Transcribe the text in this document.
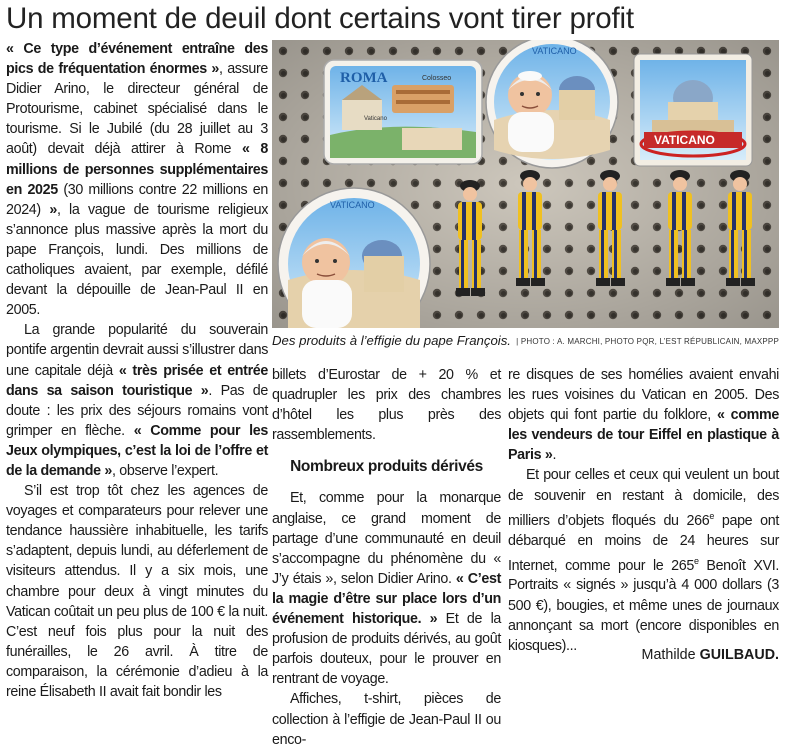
Un moment de deuil dont certains vont tirer profit
ROMA	Colosseo
Vaticano
VATICANO
VATICANO
VATICANO
Des produits à l’effigie du pape François. | PHOTO : A. MARCHI, PHOTO PQR, L’EST RÉPUBLICAIN, MAXPPP

« Ce type d’événement entraîne des pics de fréquentation énormes », assure Didier Arino, le directeur général de Protourisme, cabinet spécialisé dans le tourisme. Si le Jubilé (du 28 juillet au 3 août) devait déjà attirer à Rome « 8 millions de personnes supplémentaires en 2025 (30 millions contre 22 millions en 2024) », la vague de tourisme religieux s’annonce plus massive après la mort du pape François, lundi. Des millions de catholiques avaient, par exemple, défilé devant la dépouille de Jean-Paul II en 2005.

La grande popularité du souverain pontife argentin devrait aussi s’illustrer dans une capitale déjà « très prisée et entrée dans sa saison touristique ». Pas de doute : les prix des séjours romains vont grimper en flèche. « Comme pour les Jeux olympiques, c’est la loi de l’offre et de la demande », observe l’expert.

S’il est trop tôt chez les agences de voyages et comparateurs pour relever une tendance haussière inhabituelle, les tarifs s’adaptent, depuis lundi, au déferlement de visiteurs attendus. Il y a six mois, une chambre pour deux à vingt minutes du Vatican coûtait un peu plus de 100 € la nuit. C’est neuf fois plus pour la nuit des funérailles, le 26 avril. À titre de comparaison, la cérémonie d’adieu à la reine Élisabeth II avait fait bondir les

billets d’Eurostar de + 20 % et quadrupler les prix des chambres d’hôtel les plus près des rassemblements.

Nombreux produits dérivés

Et, comme pour la monarque anglaise, ce grand moment de partage d’une communauté en deuil s’accompagne du phénomène du « J’y étais », selon Didier Arino. « C’est la magie d’être sur place lors d’un événement historique. » Et de la profusion de produits dérivés, au goût parfois douteux, pour le prouver en rentrant de voyage.

Affiches, t-shirt, pièces de collection à l’effigie de Jean-Paul II ou enco-

re disques de ses homélies avaient envahi les rues voisines du Vatican en 2005. Des objets qui font partie du folklore, « comme les vendeurs de tour Eiffel en plastique à Paris ».

Et pour celles et ceux qui veulent un bout de souvenir en restant à domicile, des milliers d’objets floqués du 266e pape ont débarqué en moins de 24 heures sur Internet, comme pour le 265e Benoît XVI. Portraits « signés » jusqu’à 4 000 dollars (3 500 €), bougies, et même unes de journaux annonçant sa mort (encore disponibles en kiosques)...

Mathilde GUILBAUD.
